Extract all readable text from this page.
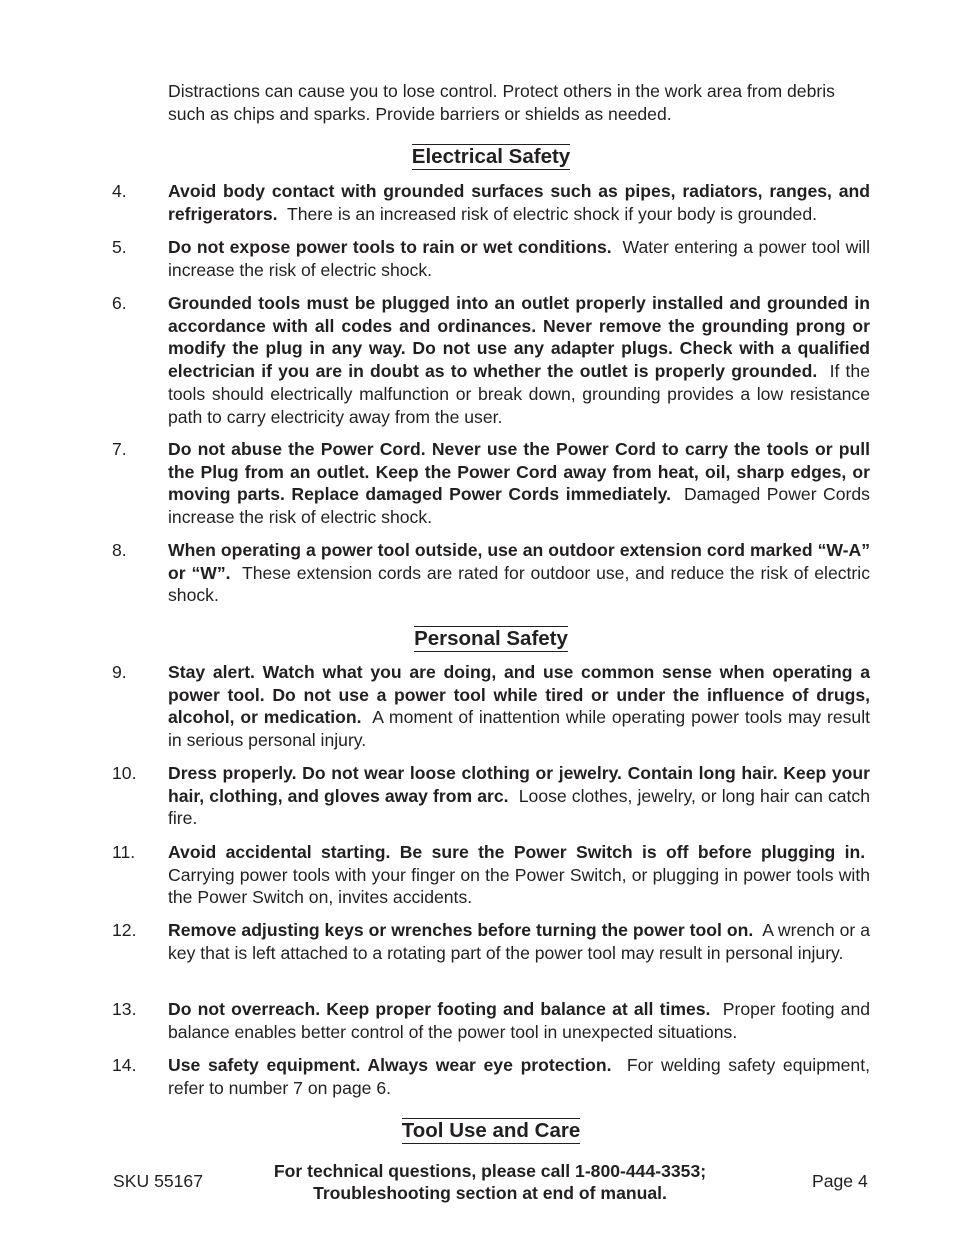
Distractions can cause you to lose control. Protect others in the work area from debris such as chips and sparks. Provide barriers or shields as needed.

Electrical Safety
4. Avoid body contact with grounded surfaces such as pipes, radiators, ranges, and refrigerators. There is an increased risk of electric shock if your body is grounded.

5. Do not expose power tools to rain or wet conditions. Water entering a power tool will increase the risk of electric shock.

6. Grounded tools must be plugged into an outlet properly installed and grounded in accordance with all codes and ordinances. Never remove the grounding prong or modify the plug in any way. Do not use any adapter plugs. Check with a qualified electrician if you are in doubt as to whether the outlet is properly grounded. If the tools should electrically malfunction or break down, grounding provides a low resistance path to carry electricity away from the user.

7. Do not abuse the Power Cord. Never use the Power Cord to carry the tools or pull the Plug from an outlet. Keep the Power Cord away from heat, oil, sharp edges, or moving parts. Replace damaged Power Cords immediately. Damaged Power Cords increase the risk of electric shock.

8. When operating a power tool outside, use an outdoor extension cord marked “W-A” or “W”. These extension cords are rated for outdoor use, and reduce the risk of electric shock.

Personal Safety
9. Stay alert. Watch what you are doing, and use common sense when operating a power tool. Do not use a power tool while tired or under the influence of drugs, alcohol, or medication. A moment of inattention while operating power tools may result in serious personal injury.

10. Dress properly. Do not wear loose clothing or jewelry. Contain long hair. Keep your hair, clothing, and gloves away from arc. Loose clothes, jewelry, or long hair can catch fire.

11. Avoid accidental starting. Be sure the Power Switch is off before plugging in.  Carrying power tools with your finger on the Power Switch, or plugging in power tools with the Power Switch on, invites accidents.

12. Remove adjusting keys or wrenches before turning the power tool on. A wrench or a key that is left attached to a rotating part of the power tool may result in personal injury.

13. Do not overreach. Keep proper footing and balance at all times. Proper footing and balance enables better control of the power tool in unexpected situations.

14. Use safety equipment. Always wear eye protection. For welding safety equipment, refer to number 7 on page 6.

Tool Use and Care
SKU 55167	For technical questions, please call 1-800-444-3353;
Troubleshooting section at end of manual.
Page 4
